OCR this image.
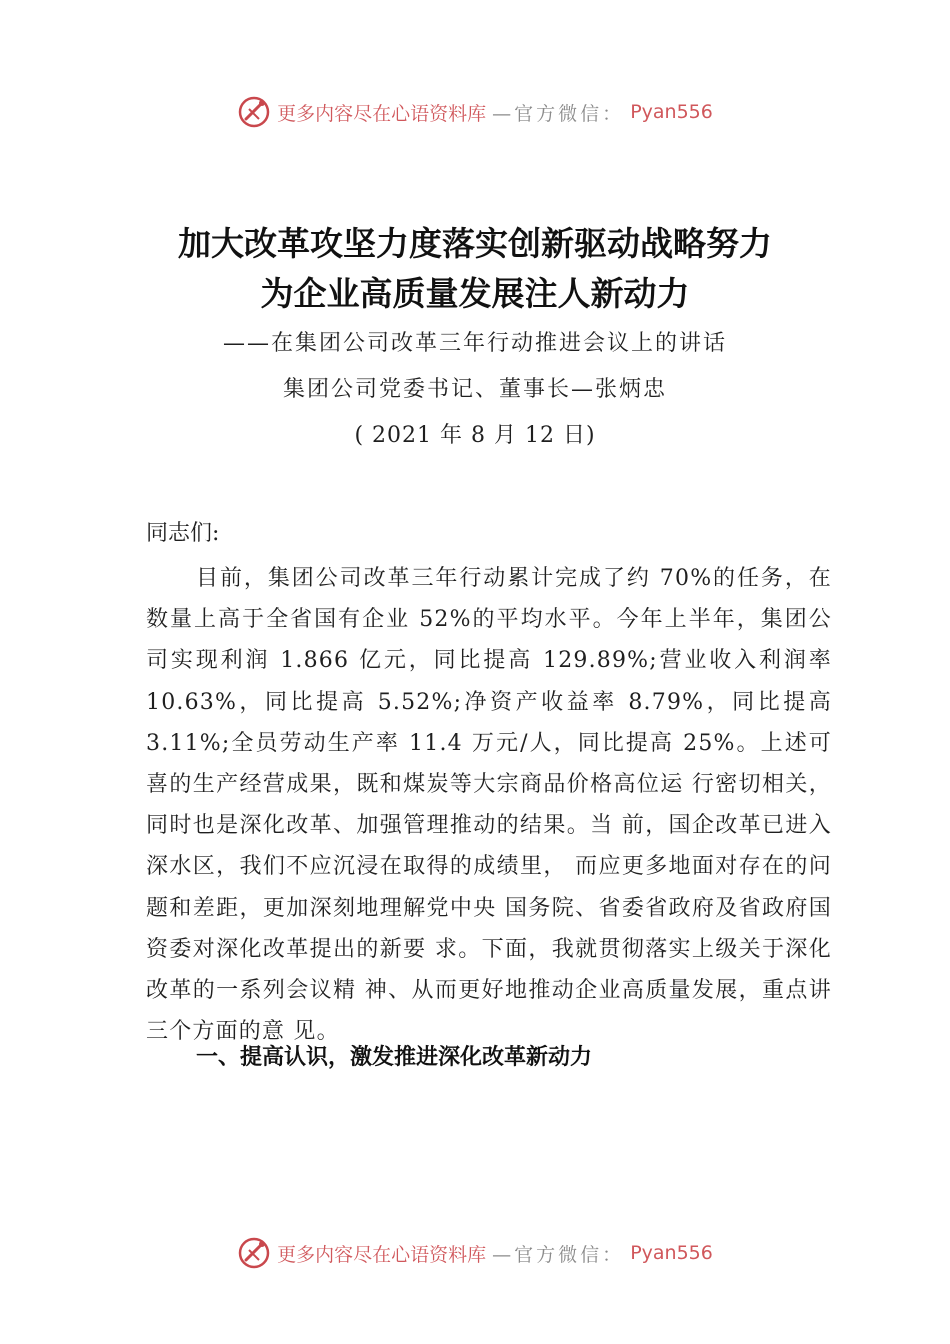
更多内容尽在心语资料库 —官方微信： Pyan556
加大改革攻坚力度落实创新驱动战略努力
为企业高质量发展注人新动力
——在集团公司改革三年行动推进会议上的讲话
集团公司党委书记、董事长—张炳忠
( 2021 年 8 月 12 日)
同志们:
目前，集团公司改革三年行动累计完成了约 70%的任务，在数量上高于全省国有企业 52%的平均水平。今年上半年，集团公司实现利润 1.866 亿元，同比提高 129.89%;营业收入利润率 10.63%，同比提高 5.52%;净资产收益率 8.79%，同比提高 3.11%;全员劳动生产率 11.4 万元/人，同比提高 25%。上述可喜的生产经营成果，既和煤炭等大宗商品价格高位运 行密切相关，同时也是深化改革、加强管理推动的结果。当 前，国企改革已进入深水区，我们不应沉浸在取得的成绩里， 而应更多地面对存在的问题和差距，更加深刻地理解党中央 国务院、省委省政府及省政府国资委对深化改革提出的新要 求。下面，我就贯彻落实上级关于深化改革的一系列会议精 神、从而更好地推动企业高质量发展，重点讲三个方面的意 见。
一、提高认识，激发推进深化改革新动力
更多内容尽在心语资料库 —官方微信： Pyan556
